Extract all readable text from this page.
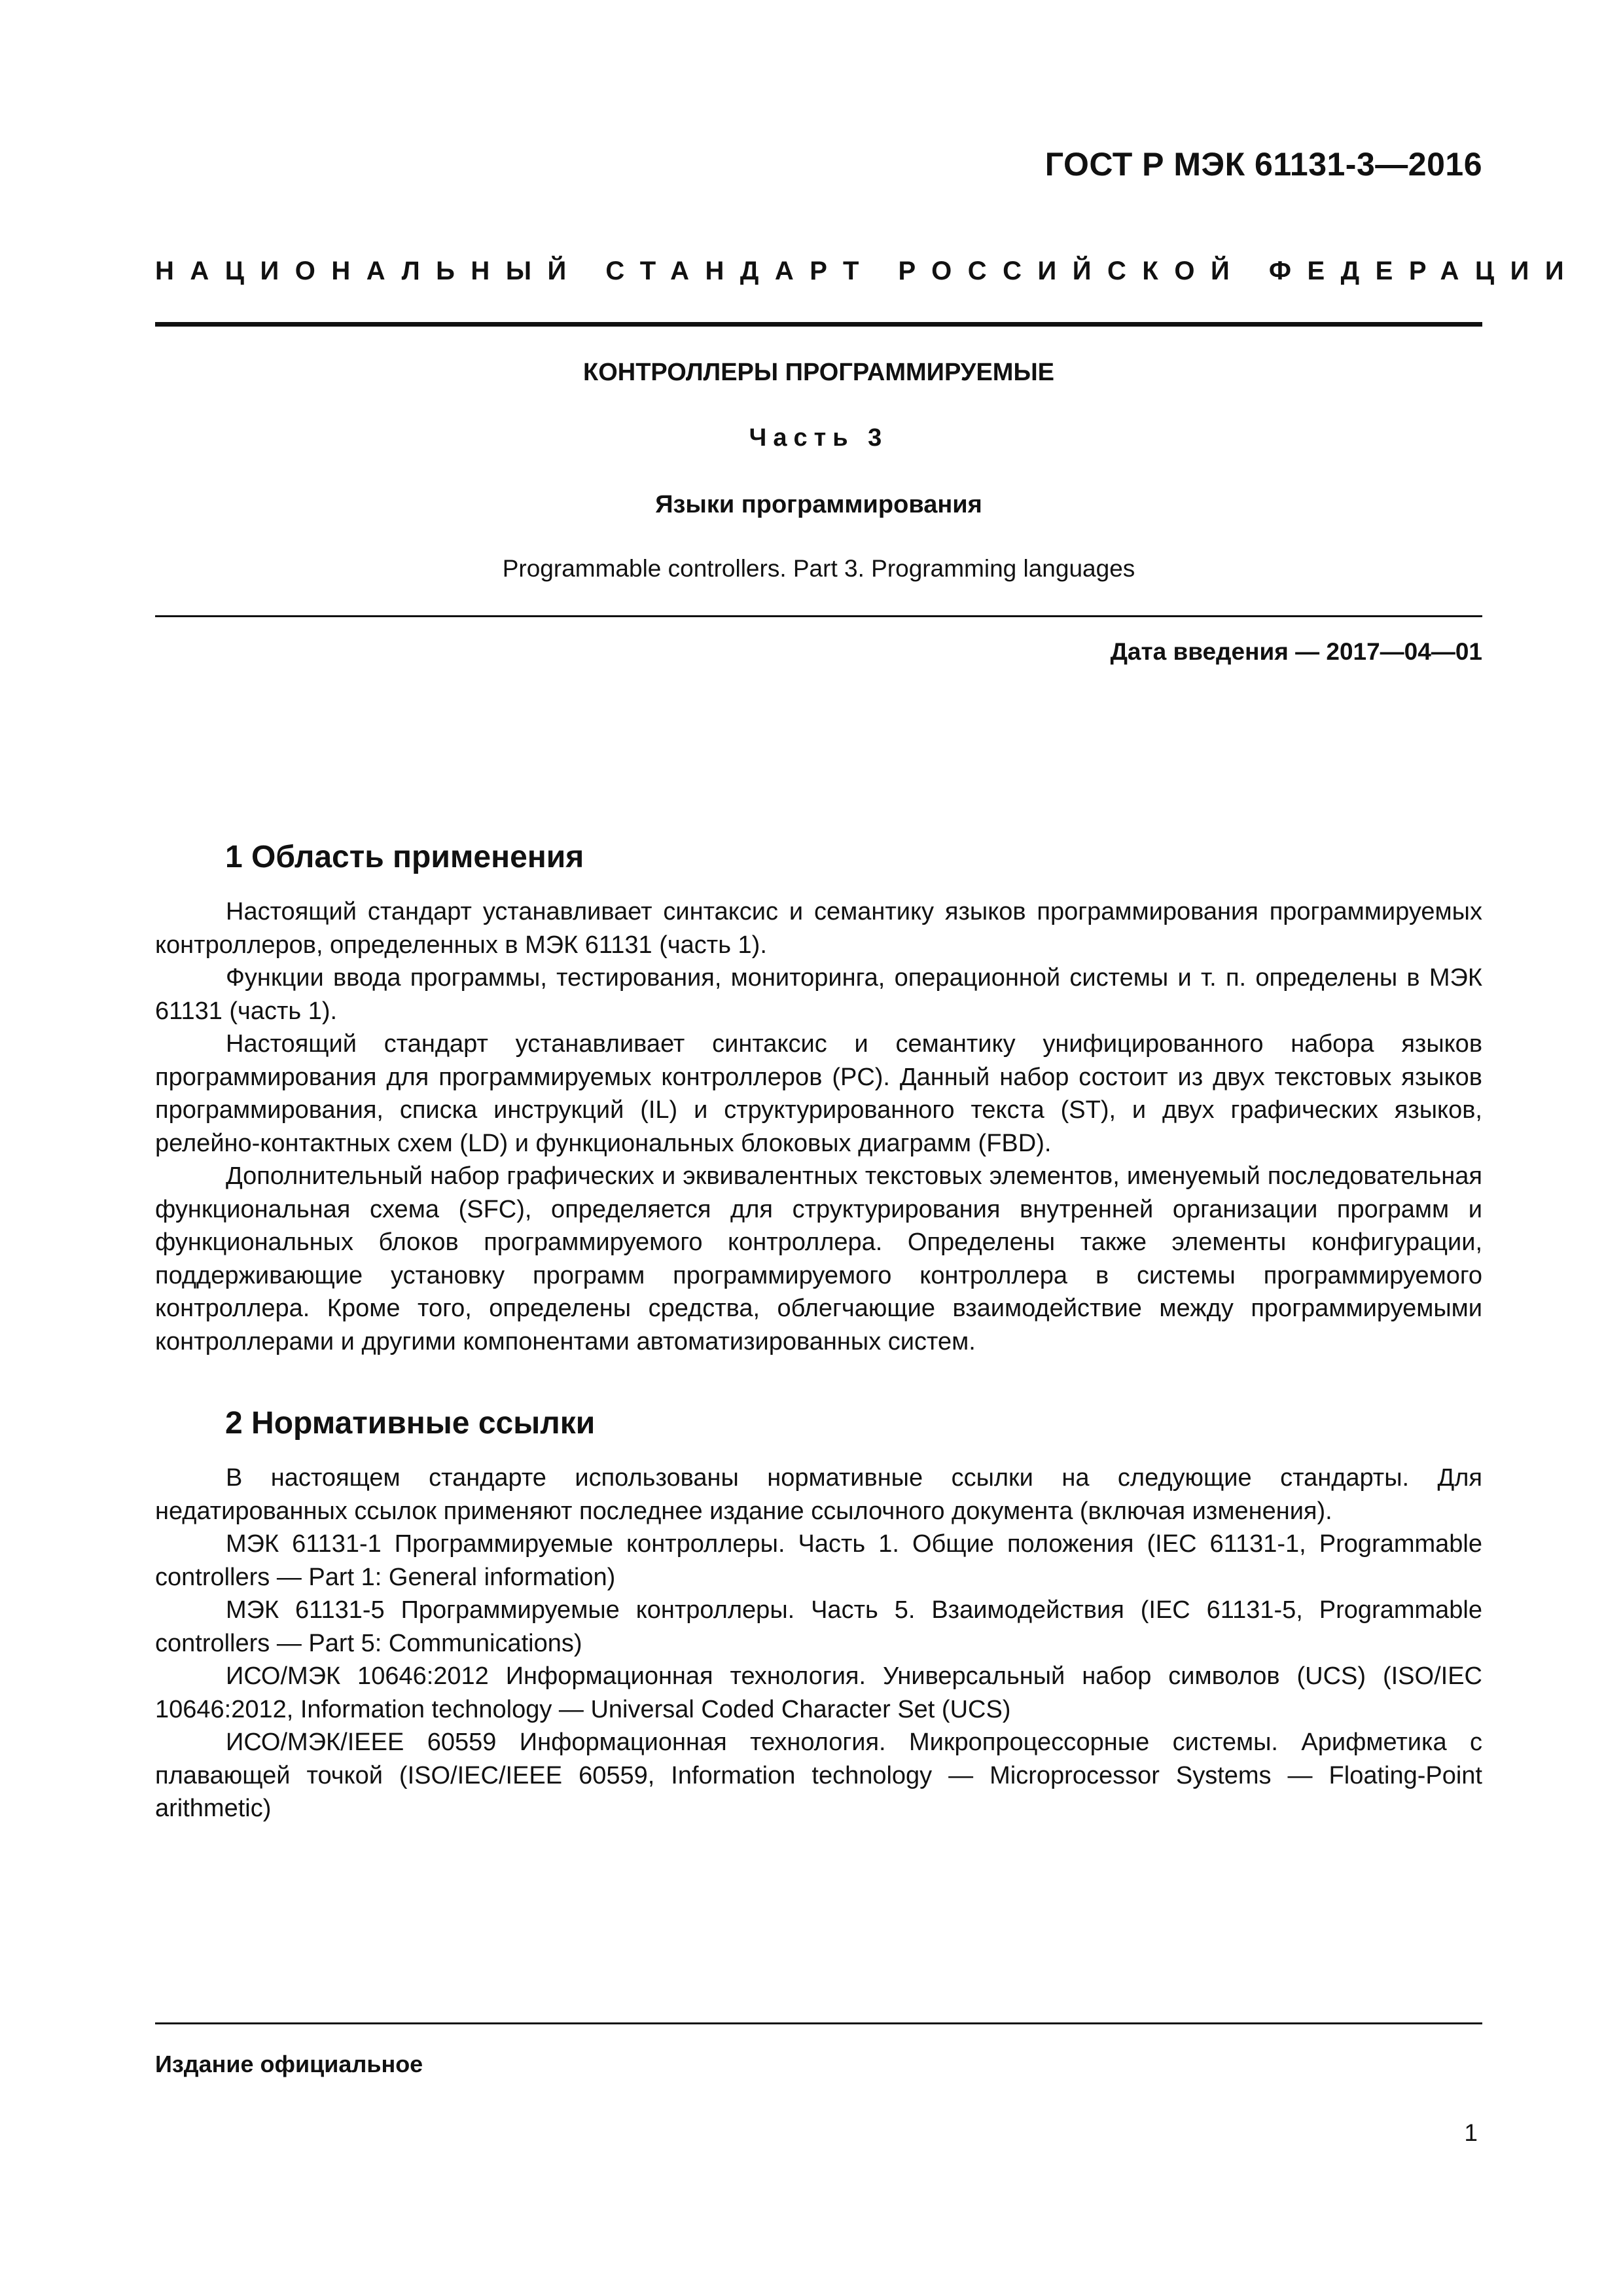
ГОСТ Р МЭК 61131-3—2016
НАЦИОНАЛЬНЫЙ СТАНДАРТ РОССИЙСКОЙ ФЕДЕРАЦИИ
КОНТРОЛЛЕРЫ ПРОГРАММИРУЕМЫЕ
Часть 3
Языки программирования
Programmable controllers. Part 3. Programming languages
Дата введения — 2017—04—01
1 Область применения

Настоящий стандарт устанавливает синтаксис и семантику языков программирования программируемых контроллеров, определенных в МЭК 61131 (часть 1).

Функции ввода программы, тестирования, мониторинга, операционной системы и т. п. определены в МЭК 61131 (часть 1).

Настоящий стандарт устанавливает синтаксис и семантику унифицированного набора языков программирования для программируемых контроллеров (PC). Данный набор состоит из двух текстовых языков программирования, списка инструкций (IL) и структурированного текста (ST), и двух графических языков, релейно-контактных схем (LD) и функциональных блоковых диаграмм (FBD).

Дополнительный набор графических и эквивалентных текстовых элементов, именуемый последовательная функциональная схема (SFC), определяется для структурирования внутренней организации программ и функциональных блоков программируемого контроллера. Определены также элементы конфигурации, поддерживающие установку программ программируемого контроллера в системы программируемого контроллера. Кроме того, определены средства, облегчающие взаимодействие между программируемыми контроллерами и другими компонентами автоматизированных систем.

2 Нормативные ссылки

В настоящем стандарте использованы нормативные ссылки на следующие стандарты. Для недатированных ссылок применяют последнее издание ссылочного документа (включая изменения).

МЭК 61131-1 Программируемые контроллеры. Часть 1. Общие положения (IEC 61131-1, Programmable controllers — Part 1: General information)

МЭК 61131-5 Программируемые контроллеры. Часть 5. Взаимодействия (IEC 61131-5, Programmable controllers — Part 5: Communications)

ИСО/МЭК 10646:2012 Информационная технология. Универсальный набор символов (UCS) (ISO/IEC 10646:2012, Information technology — Universal Coded Character Set (UCS)

ИСО/МЭК/IEEE 60559 Информационная технология. Микропроцессорные системы. Арифметика с плавающей точкой (ISO/IEC/IEEE 60559, Information technology — Microprocessor Systems — Floating-Point arithmetic)

Издание официальное
1
